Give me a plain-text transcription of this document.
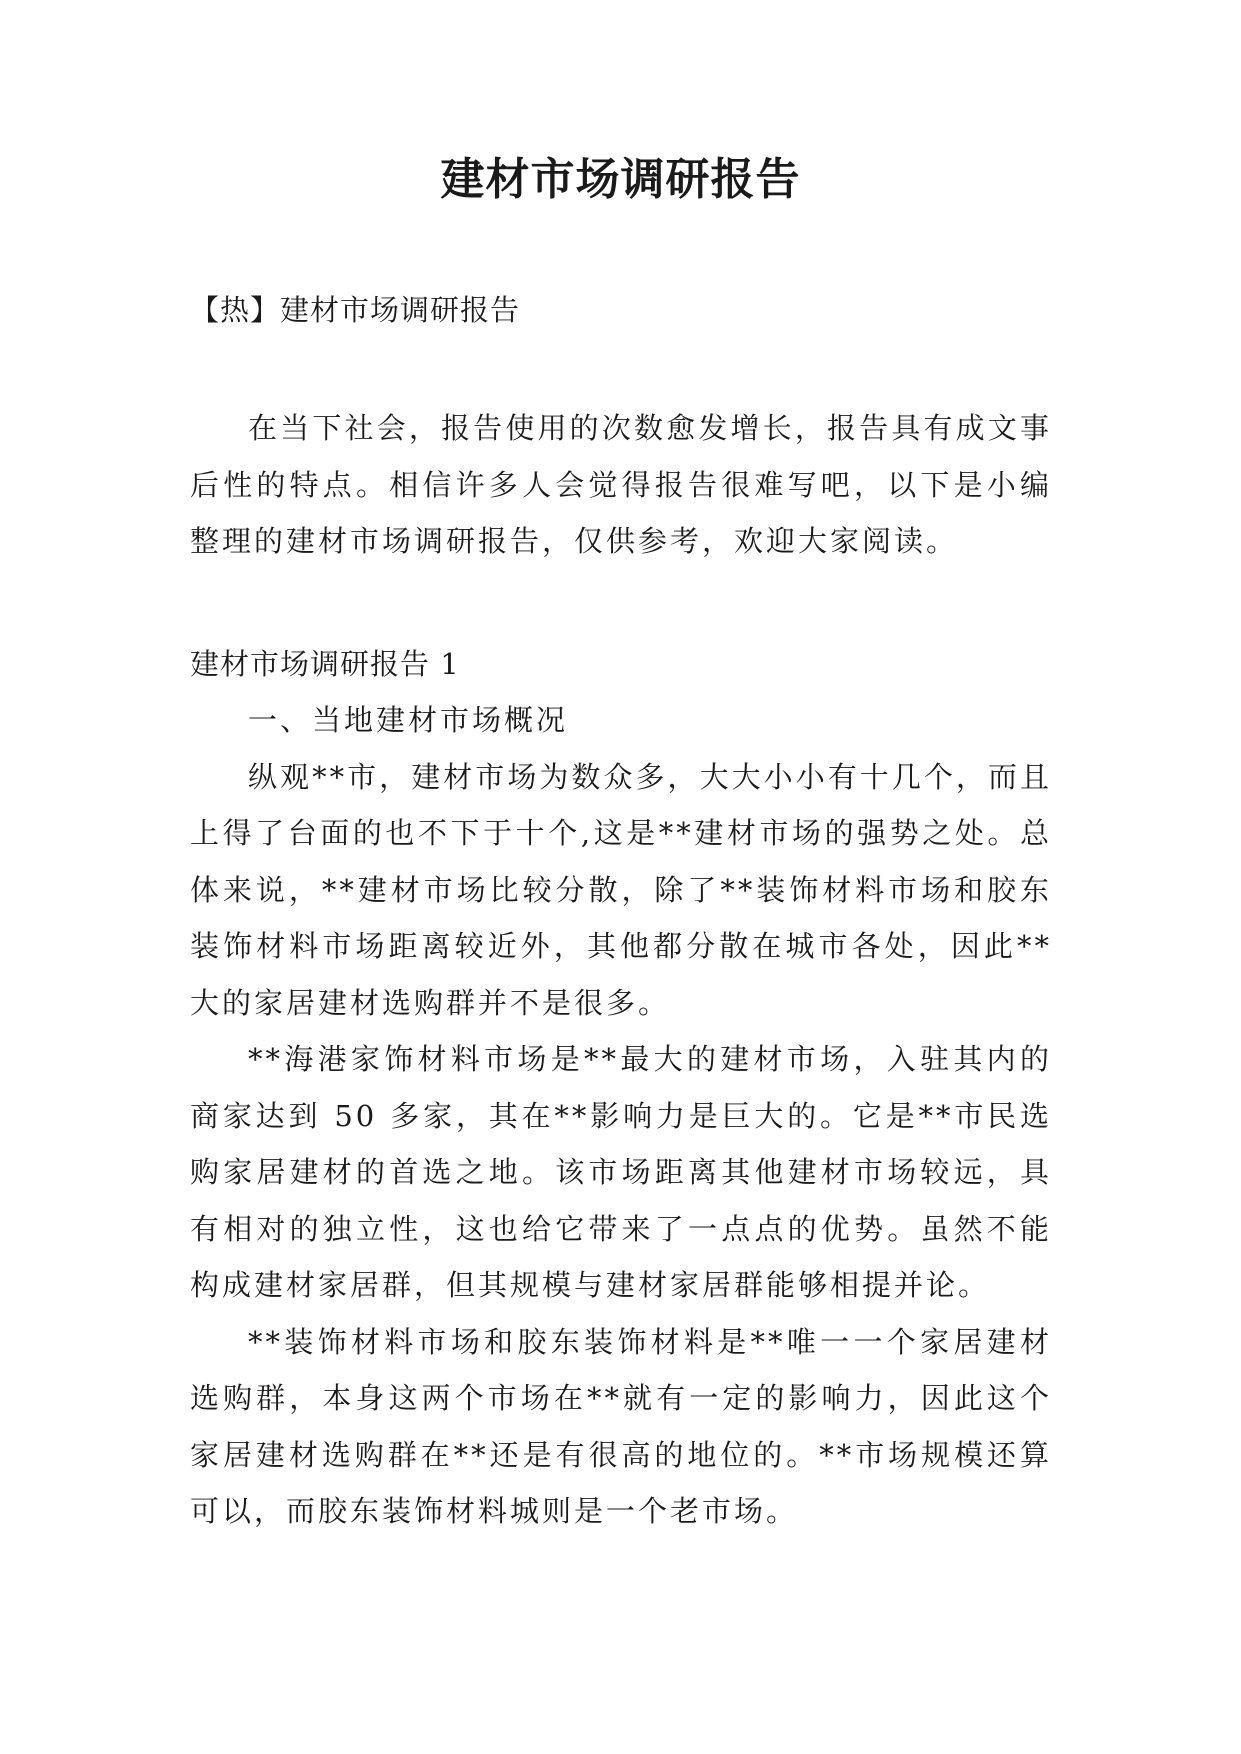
建材市场调研报告
【热】建材市场调研报告

在当下社会，报告使用的次数愈发增长，报告具有成文事后性的特点。相信许多人会觉得报告很难写吧，以下是小编整理的建材市场调研报告，仅供参考，欢迎大家阅读。

建材市场调研报告 1

一、当地建材市场概况

纵观**市，建材市场为数众多，大大小小有十几个，而且上得了台面的也不下于十个,这是**建材市场的强势之处。总体来说，**建材市场比较分散，除了**装饰材料市场和胶东装饰材料市场距离较近外，其他都分散在城市各处，因此**大的家居建材选购群并不是很多。

**海港家饰材料市场是**最大的建材市场，入驻其内的商家达到 50 多家，其在**影响力是巨大的。它是**市民选购家居建材的首选之地。该市场距离其他建材市场较远，具有相对的独立性，这也给它带来了一点点的优势。虽然不能构成建材家居群，但其规模与建材家居群能够相提并论。

**装饰材料市场和胶东装饰材料是**唯一一个家居建材选购群，本身这两个市场在**就有一定的影响力，因此这个家居建材选购群在**还是有很高的地位的。**市场规模还算可以，而胶东装饰材料城则是一个老市场。
